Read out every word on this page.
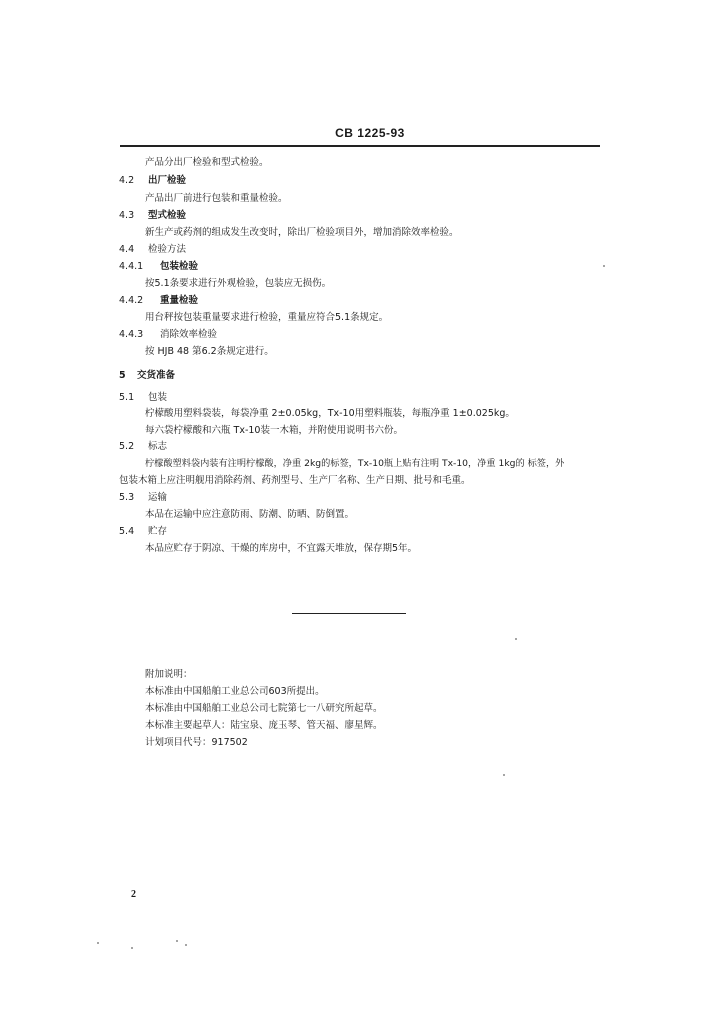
CB 1225-93
产品分出厂检验和型式检验。
4.2 出厂检验
产品出厂前进行包装和重量检验。
4.3 型式检验
新生产或药剂的组成发生改变时，除出厂检验项目外，增加消除效率检验。
4.4 检验方法
4.4.1 包装检验
按5.1条要求进行外观检验，包装应无损伤。
4.4.2 重量检验
用台秤按包装重量要求进行检验，重量应符合5.1条规定。
4.4.3 消除效率检验
按 HJB 48 第6.2条规定进行。
5 交货准备
5.1 包装
柠檬酸用塑料袋装，每袋净重 2±0.05kg，Tx-10用塑料瓶装，每瓶净重 1±0.025kg。
每六袋柠檬酸和六瓶 Tx-10装一木箱，并附使用说明书六份。
5.2 标志
柠檬酸塑料袋内装有注明柠檬酸，净重 2kg的标签，Tx-10瓶上贴有注明 Tx-10，净重 1kg的 标签，外
包装木箱上应注明舰用消除药剂、药剂型号、生产厂名称、生产日期、批号和毛重。
5.3 运输
本品在运输中应注意防雨、防潮、防晒、防倒置。
5.4 贮存
本品应贮存于阴凉、干燥的库房中，不宜露天堆放，保存期5年。
附加说明：
本标准由中国船舶工业总公司603所提出。
本标准由中国船舶工业总公司七院第七一八研究所起草。
本标准主要起草人：陆宝泉、庞玉琴、管天福、廖星辉。
计划项目代号：917502
2
